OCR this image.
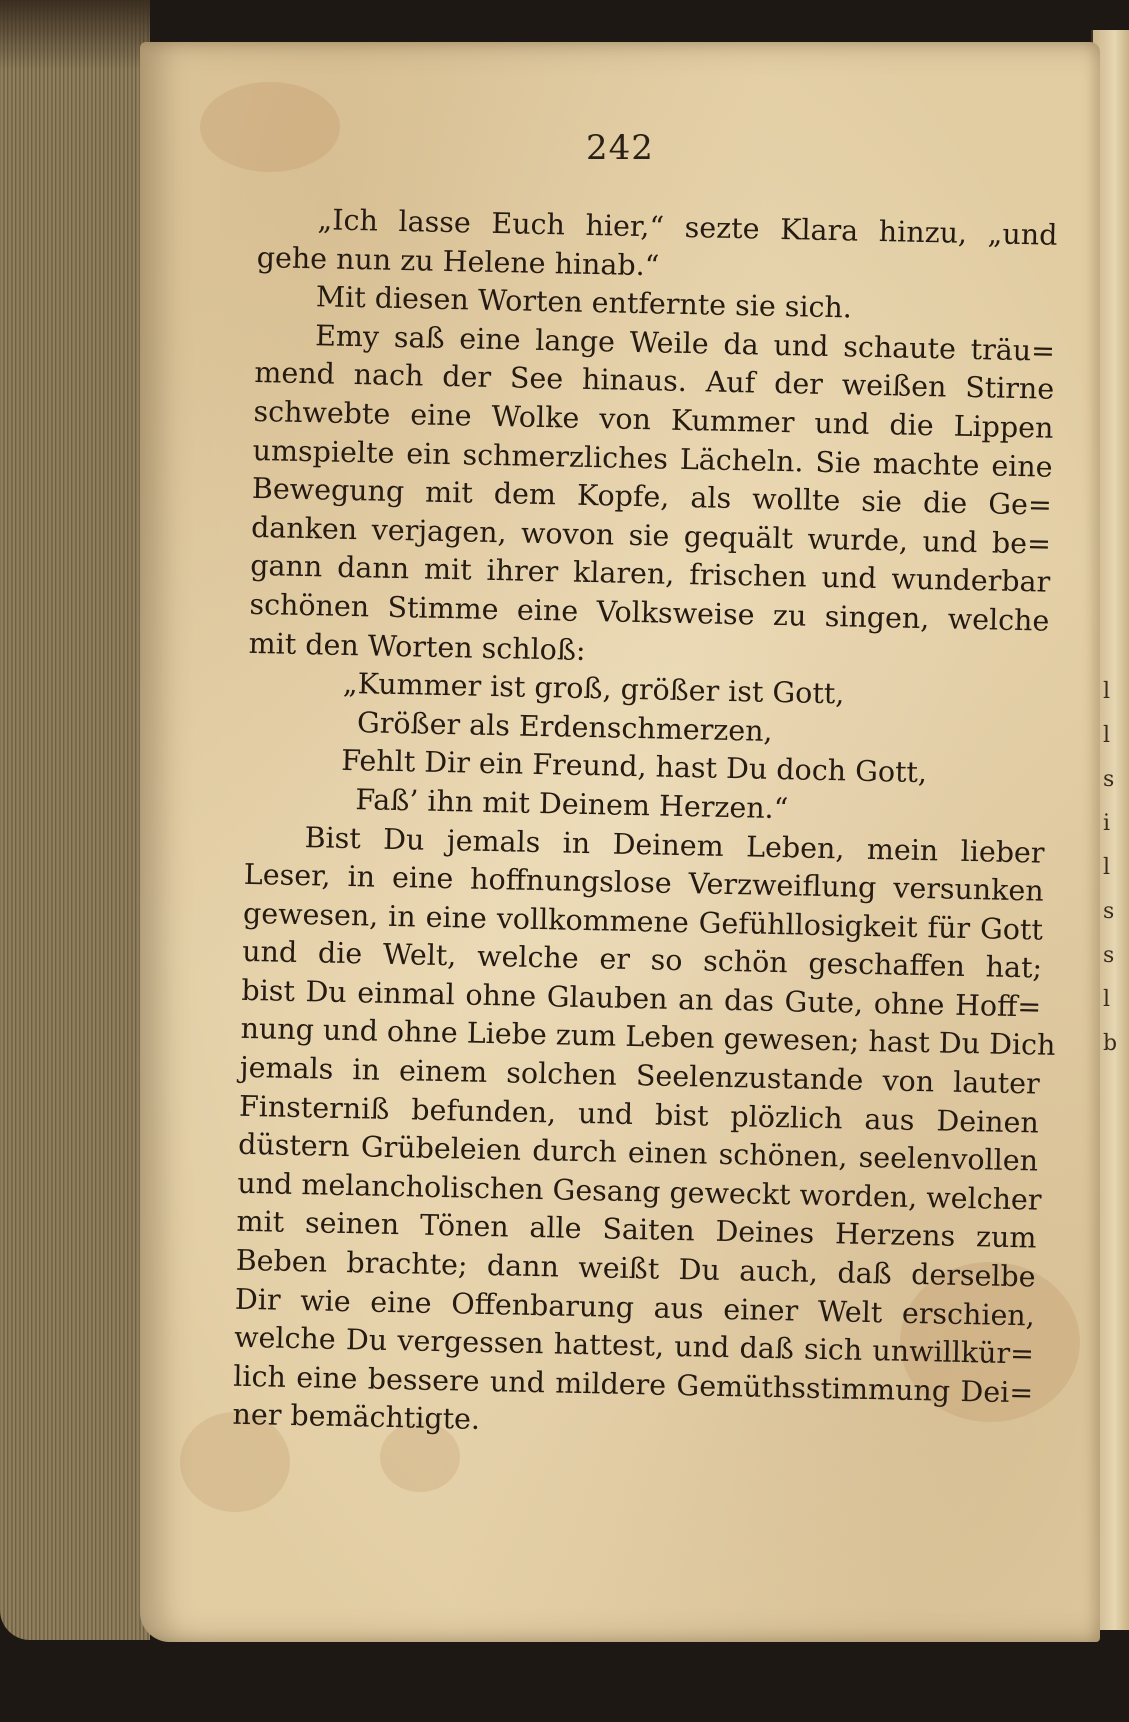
l
l
s
i
l
s
s
l
b
242
„Ich lasse Euch hier,“ sezte Klara hinzu, „und
gehe nun zu Helene hinab.“
Mit diesen Worten entfernte sie sich.
Emy saß eine lange Weile da und schaute träu=
mend nach der See hinaus. Auf der weißen Stirne
schwebte eine Wolke von Kummer und die Lippen
umspielte ein schmerzliches Lächeln. Sie machte eine
Bewegung mit dem Kopfe, als wollte sie die Ge=
danken verjagen, wovon sie gequält wurde, und be=
gann dann mit ihrer klaren, frischen und wunderbar
schönen Stimme eine Volksweise zu singen, welche
mit den Worten schloß:
„Kummer ist groß, größer ist Gott,
Größer als Erdenschmerzen,
Fehlt Dir ein Freund, hast Du doch Gott,
Faß’ ihn mit Deinem Herzen.“
Bist Du jemals in Deinem Leben, mein lieber
Leser, in eine hoffnungslose Verzweiflung versunken
gewesen, in eine vollkommene Gefühllosigkeit für Gott
und die Welt, welche er so schön geschaffen hat;
bist Du einmal ohne Glauben an das Gute, ohne Hoff=
nung und ohne Liebe zum Leben gewesen; hast Du Dich
jemals in einem solchen Seelenzustande von lauter
Finsterniß befunden, und bist plözlich aus Deinen
düstern Grübeleien durch einen schönen, seelenvollen
und melancholischen Gesang geweckt worden, welcher
mit seinen Tönen alle Saiten Deines Herzens zum
Beben brachte; dann weißt Du auch, daß derselbe
Dir wie eine Offenbarung aus einer Welt erschien,
welche Du vergessen hattest, und daß sich unwillkür=
lich eine bessere und mildere Gemüthsstimmung Dei=
ner bemächtigte.
